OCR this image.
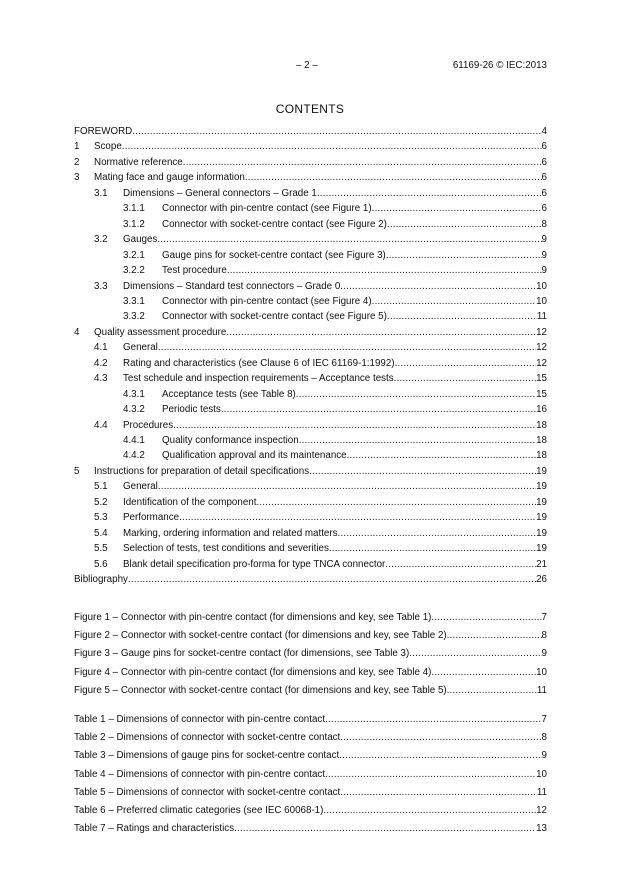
– 2 –	61169-26 © IEC:2013
CONTENTS
FOREWORD .....	4
1	Scope .....	6
2	Normative reference .....	6
3	Mating face and gauge information .....	6
3.1	Dimensions – General connectors – Grade 1 .....	6
3.1.1	Connector with pin-centre contact (see Figure 1) .....	6
3.1.2	Connector with socket-centre contact (see Figure 2) .....	8
3.2	Gauges .....	9
3.2.1	Gauge pins for socket-centre contact (see Figure 3) .....	9
3.2.2	Test procedure .....	9
3.3	Dimensions – Standard test connectors – Grade 0 .....	10
3.3.1	Connector with pin-centre contact (see Figure 4) .....	10
3.3.2	Connector with socket-centre contact (see Figure 5) .....	11
4	Quality assessment procedure .....	12
4.1	General .....	12
4.2	Rating and characteristics (see Clause 6 of IEC 61169-1:1992) .....	12
4.3	Test schedule and inspection requirements – Acceptance tests .....	15
4.3.1	Acceptance tests (see Table 8) .....	15
4.3.2	Periodic tests .....	16
4.4	Procedures .....	18
4.4.1	Quality conformance inspection .....	18
4.4.2	Qualification approval and its maintenance .....	18
5	Instructions for preparation of detail specifications .....	19
5.1	General .....	19
5.2	Identification of the component .....	19
5.3	Performance .....	19
5.4	Marking, ordering information and related matters .....	19
5.5	Selection of tests, test conditions and severities .....	19
5.6	Blank detail specification pro-forma for type TNCA connector .....	21
Bibliography .....	26
Figure 1 – Connector with pin-centre contact (for dimensions and key, see Table 1) .....	7
Figure 2 – Connector with socket-centre contact (for dimensions and key, see Table 2) .....	8
Figure 3 – Gauge pins for socket-centre contact (for dimensions, see Table 3) .....	9
Figure 4 – Connector with pin-centre contact (for dimensions and key, see Table 4) .....	10
Figure 5 – Connector with socket-centre contact (for dimensions and key, see Table 5) .....	11
Table 1 – Dimensions of connector with pin-centre contact .....	7
Table 2 – Dimensions of connector with socket-centre contact .....	8
Table 3 – Dimensions of gauge pins for socket-centre contact .....	9
Table 4 – Dimensions of connector with pin-centre contact .....	10
Table 5 – Dimensions of connector with socket-centre contact .....	11
Table 6 – Preferred climatic categories (see IEC 60068-1) .....	12
Table 7 – Ratings and characteristics .....	13
